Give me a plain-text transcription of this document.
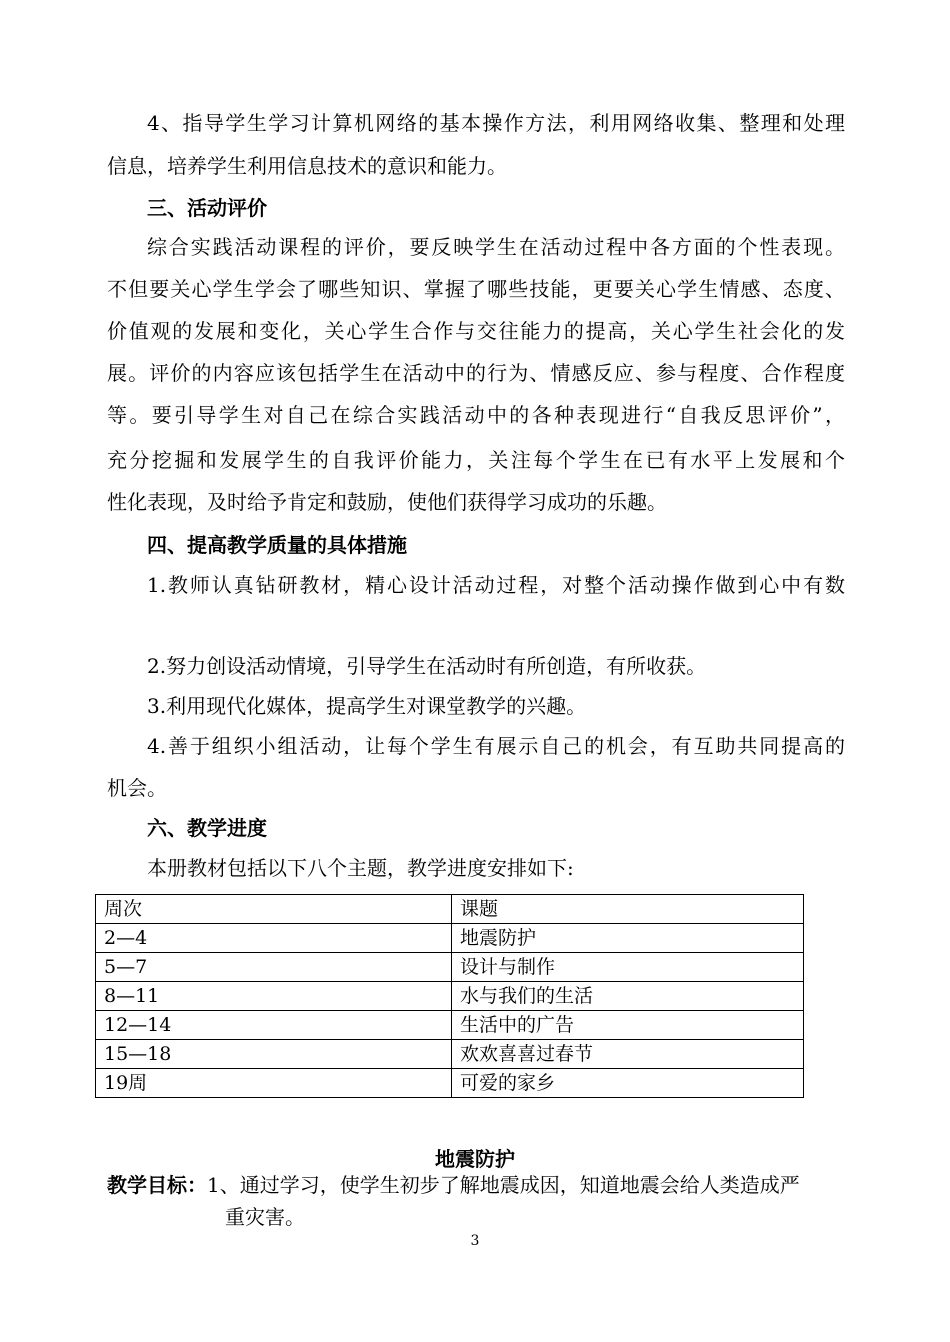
4、指导学生学习计算机网络的基本操作方法，利用网络收集、整理和处理
信息，培养学生利用信息技术的意识和能力。
三、活动评价
综合实践活动课程的评价，要反映学生在活动过程中各方面的个性表现。
不但要关心学生学会了哪些知识、掌握了哪些技能，更要关心学生情感、态度、
价值观的发展和变化，关心学生合作与交往能力的提高，关心学生社会化的发
展。评价的内容应该包括学生在活动中的行为、情感反应、参与程度、合作程度
等。要引导学生对自己在综合实践活动中的各种表现进行“自我反思评价”，
充分挖掘和发展学生的自我评价能力，关注每个学生在已有水平上发展和个
性化表现，及时给予肯定和鼓励，使他们获得学习成功的乐趣。
四、提高教学质量的具体措施
1.教师认真钻研教材，精心设计活动过程，对整个活动操作做到心中有数
2.努力创设活动情境，引导学生在活动时有所创造，有所收获。
3.利用现代化媒体，提高学生对课堂教学的兴趣。
4.善于组织小组活动，让每个学生有展示自己的机会，有互助共同提高的
机会。
六、教学进度
本册教材包括以下八个主题，教学进度安排如下:
周次	课题
2—4	地震防护
5—7	设计与制作
8—11	水与我们的生活
12—14	生活中的广告
15—18	欢欢喜喜过春节
19周	可爱的家乡
地震防护
教学目标：1、通过学习，使学生初步了解地震成因，知道地震会给人类造成严
重灾害。
3
